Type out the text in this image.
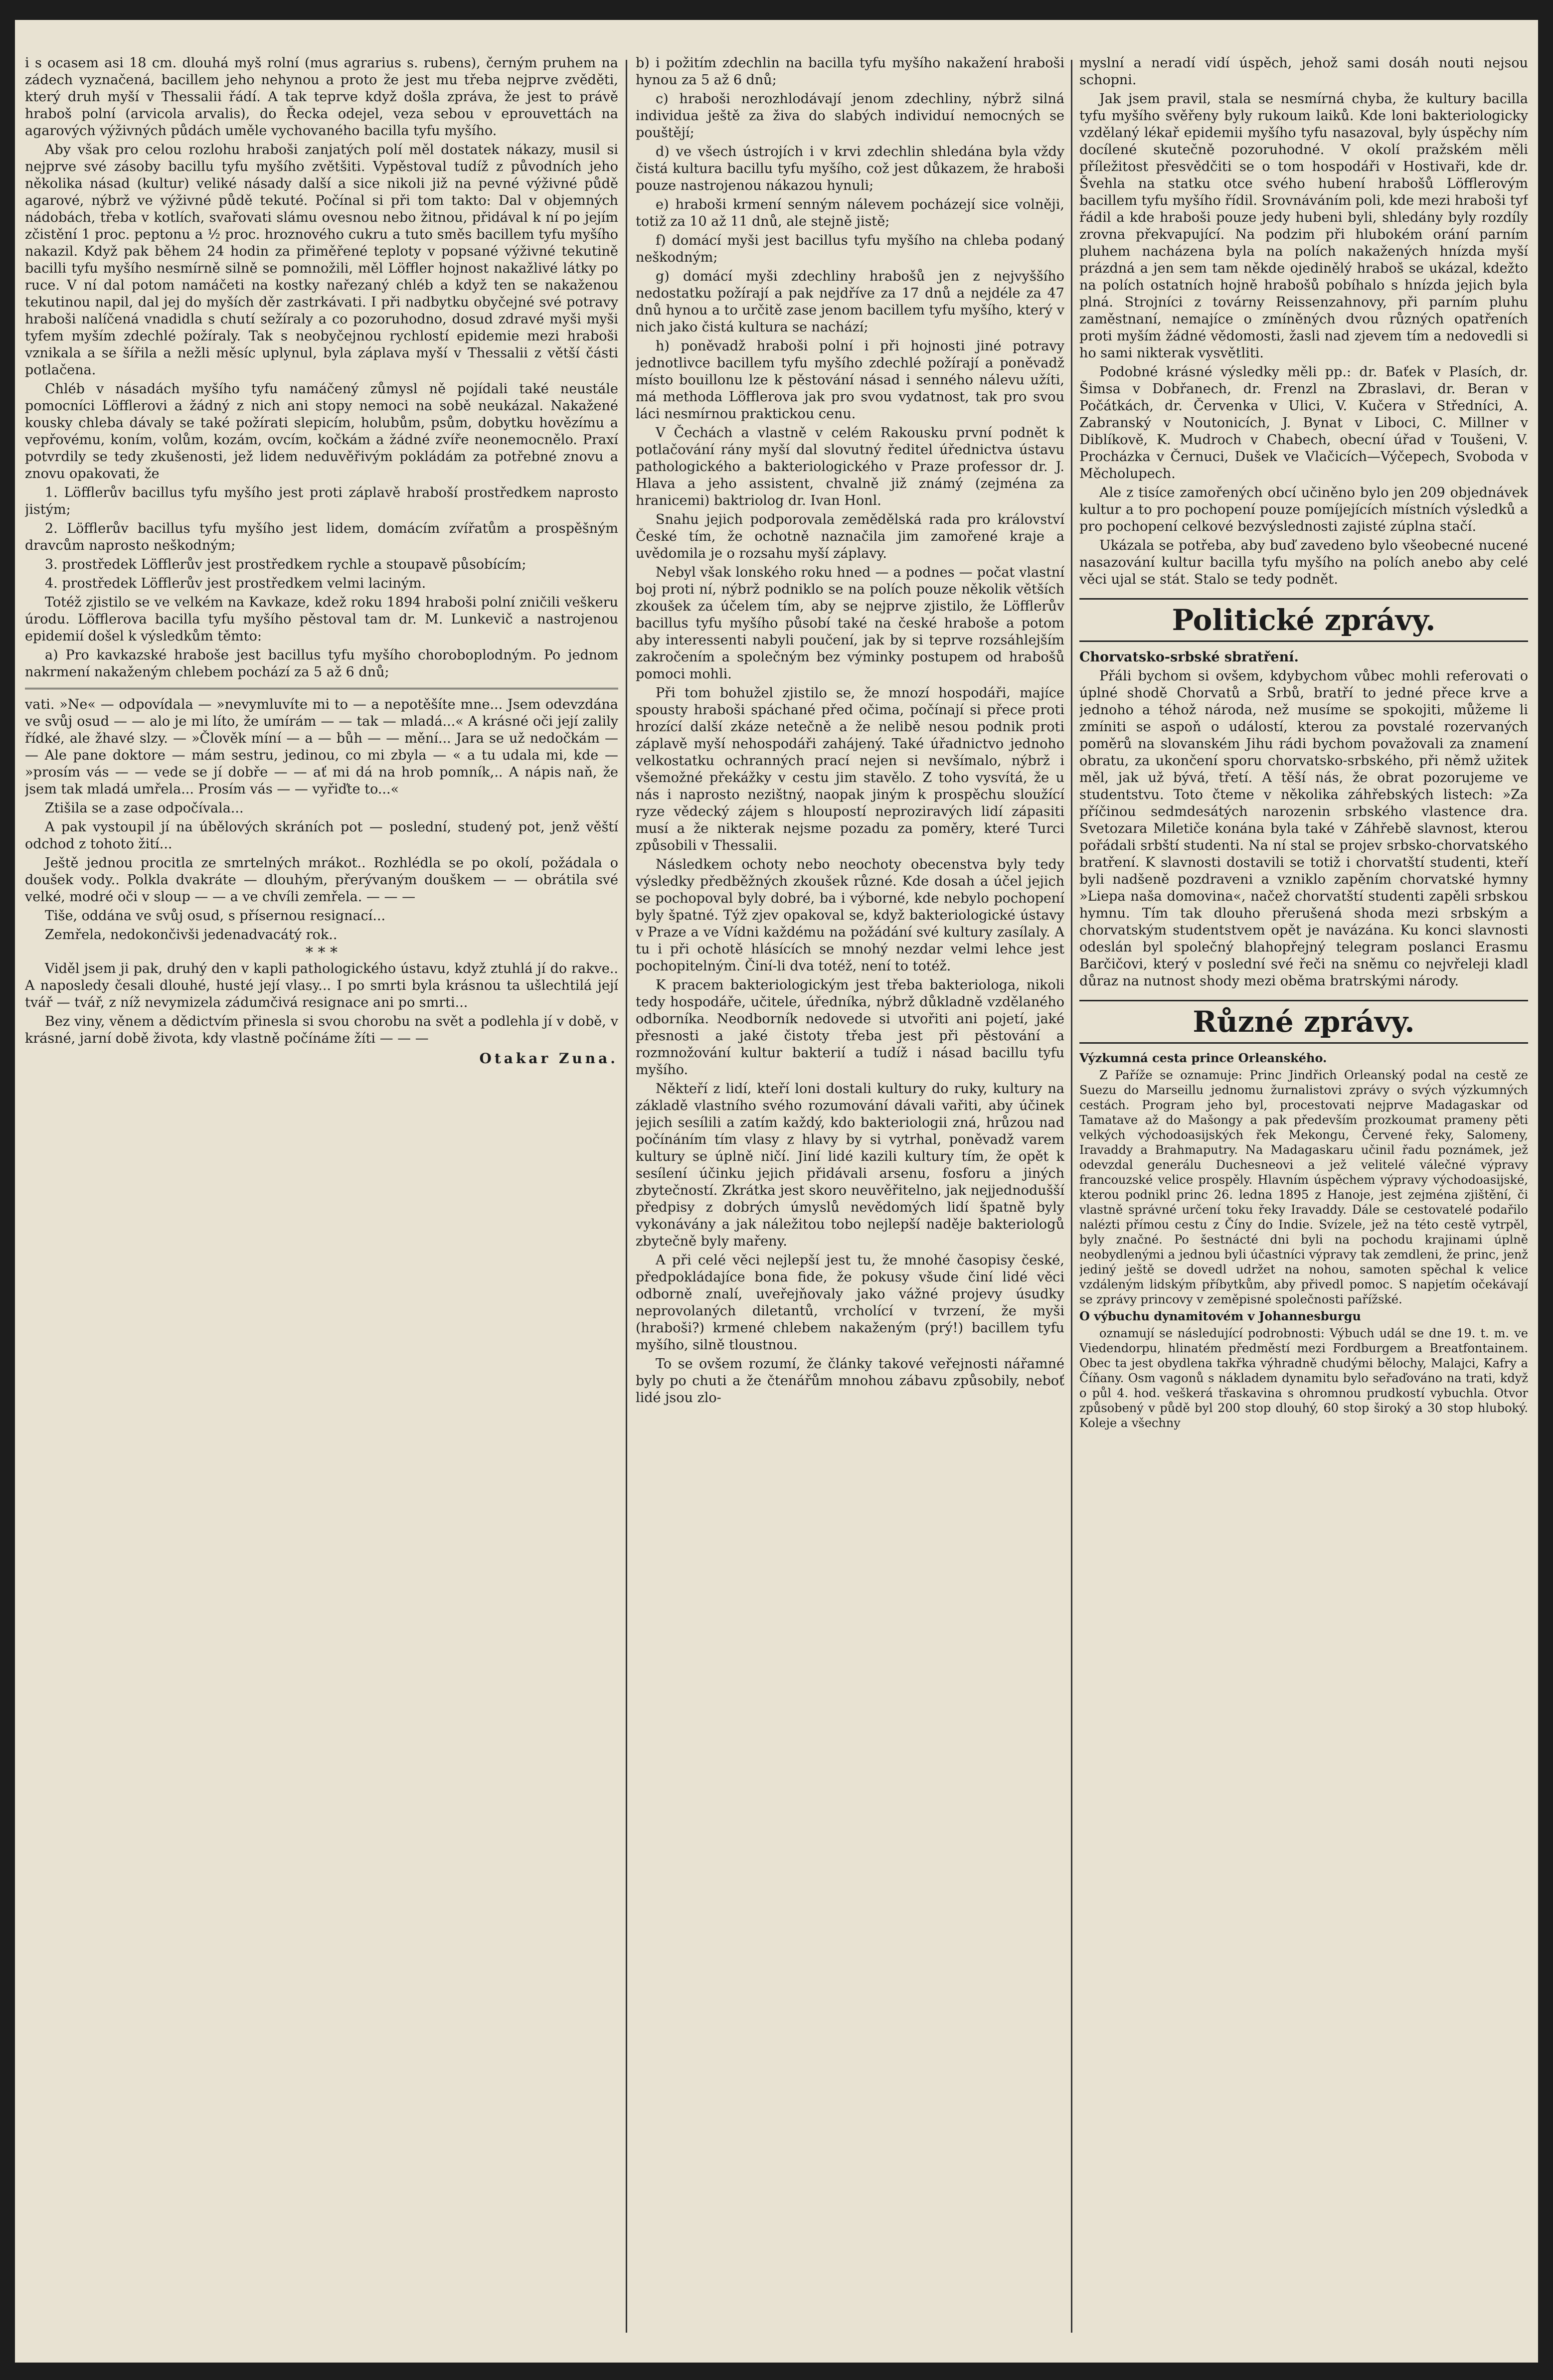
i s ocasem asi 18 cm. dlouhá myš rolní (mus agrarius s. rubens), černým pruhem na zádech vyznačená, bacillem jeho nehynou a proto že jest mu třeba nejprve zvěděti, který druh myší v Thessalii řádí. A tak teprve když došla zpráva, že jest to právě hraboš polní (arvicola arvalis), do Řecka odejel, veza sebou v eprouvettách na agarových výživných půdách uměle vychovaného bacilla tyfu myšího.

Aby však pro celou rozlohu hraboši zanjatých polí měl dostatek nákazy, musil si nejprve své zásoby bacillu tyfu myšího zvětšiti. Vypěstoval tudíž z původních jeho několika násad (kultur) veliké násady další a sice nikoli již na pevné výživné půdě agarové, nýbrž ve výživné půdě tekuté. Počínal si při tom takto: Dal v objemných nádobách, třeba v kotlích, svařovati slámu ovesnou nebo žitnou, přidával k ní po jejím zčistění 1 proc. peptonu a ½ proc. hroznového cukru a tuto směs bacillem tyfu myšího nakazil. Když pak během 24 hodin za přiměřené teploty v popsané výživné tekutině bacilli tyfu myšího nesmírně silně se pomnožili, měl Löffler hojnost nakažlivé látky po ruce. V ní dal potom namáčeti na kostky nařezaný chléb a když ten se nakaženou tekutinou napil, dal jej do myších děr zastrkávati. I při nadbytku obyčejné své potravy hraboši nalíčená vnadidla s chutí sežíraly a co pozoruhodno, dosud zdravé myši myši tyfem myším zdechlé požíraly. Tak s neobyčejnou rychlostí epidemie mezi hraboši vznikala a se šířila a nežli měsíc uplynul, byla záplava myší v Thessalii z větší části potlačena.

Chléb v násadách myšího tyfu namáčený zůmysl ně pojídali také neustále pomocníci Löfflerovi a žádný z nich ani stopy nemoci na sobě neukázal. Nakažené kousky chleba dávaly se také požírati slepicím, holubům, psům, dobytku hovězímu a vepřovému, koním, volům, kozám, ovcím, kočkám a žádné zvíře neonemocnělo. Praxí potvrdily se tedy zkušenosti, jež lidem neduvěřivým pokládám za potřebné znovu a znovu opakovati, že

1. Löfflerův bacillus tyfu myšího jest proti záplavě hraboší prostředkem naprosto jistým;

2. Löfflerův bacillus tyfu myšího jest lidem, domácím zvířatům a prospěšným dravcům naprosto neškodným;

3. prostředek Löfflerův jest prostředkem rychle a stoupavě působícím;

4. prostředek Löfflerův jest prostředkem velmi laciným.

Totéž zjistilo se ve velkém na Kavkaze, kdež roku 1894 hraboši polní zničili veškeru úrodu. Löfflerova bacilla tyfu myšího pěstoval tam dr. M. Lunkevič a nastrojenou epidemií došel k výsledkům těmto:

a) Pro kavkazské hraboše jest bacillus tyfu myšího choroboplodným. Po jednom nakrmení nakaženým chlebem pochází za 5 až 6 dnů;

vati. »Ne« — odpovídala — »nevymluvíte mi to — a nepotěšíte mne... Jsem odevzdána ve svůj osud — — alo je mi líto, že umírám — — tak — mladá...« A krásné oči její zalily řídké, ale žhavé slzy. — »Člověk míní — a — bůh — — mění... Jara se už nedočkám — — Ale pane doktore — mám sestru, jedinou, co mi zbyla — « a tu udala mi, kde — »prosím vás — — vede se jí dobře — — ať mi dá na hrob pomník,.. A nápis naň, že jsem tak mladá umřela... Prosím vás — — vyřiďte to...«

Ztišila se a zase odpočívala...

A pak vystoupil jí na úbělových skráních pot — poslední, studený pot, jenž věští odchod z tohoto žití...

Ještě jednou procitla ze smrtelných mrákot.. Rozhlédla se po okolí, požádala o doušek vody.. Polkla dvakráte — dlouhým, přerývaným douškem — — obrátila své velké, modré oči v sloup — — a ve chvíli zemřela. — — —

Tiše, oddána ve svůj osud, s přísernou resignací...

Zemřela, nedokončivši jedenadvacátý rok..

* * *

Viděl jsem ji pak, druhý den v kapli pathologického ústavu, když ztuhlá jí do rakve.. A naposledy česali dlouhé, husté její vlasy... I po smrti byla krásnou ta ušlechtilá její tvář — tvář, z níž nevymizela zádumčivá resignace ani po smrti...

Bez viny, věnem a dědictvím přinesla si svou chorobu na svět a podlehla jí v době, v krásné, jarní době života, kdy vlastně počínáme žíti — — —

Otakar Zuna.

b) i požitím zdechlin na bacilla tyfu myšího nakažení hraboši hynou za 5 až 6 dnů;

c) hraboši nerozhlodávají jenom zdechliny, nýbrž silná individua ještě za živa do slabých individuí nemocných se pouštějí;

d) ve všech ústrojích i v krvi zdechlin shledána byla vždy čistá kultura bacillu tyfu myšího, což jest důkazem, že hraboši pouze nastrojenou nákazou hynuli;

e) hraboši krmení senným nálevem pocházejí sice volněji, totiž za 10 až 11 dnů, ale stejně jistě;

f) domácí myši jest bacillus tyfu myšího na chleba podaný neškodným;

g) domácí myši zdechliny hrabošů jen z nejvyššího nedostatku požírají a pak nejdříve za 17 dnů a nejdéle za 47 dnů hynou a to určitě zase jenom bacillem tyfu myšího, který v nich jako čistá kultura se nachází;

h) poněvadž hraboši polní i při hojnosti jiné potravy jednotlivce bacillem tyfu myšího zdechlé požírají a poněvadž místo bouillonu lze k pěstování násad i senného nálevu užíti, má methoda Löfflerova jak pro svou vydatnost, tak pro svou láci nesmírnou praktickou cenu.

V Čechách a vlastně v celém Rakousku první podnět k potlačování rány myší dal slovutný ředitel úřednictva ústavu pathologického a bakteriologického v Praze professor dr. J. Hlava a jeho assistent, chvalně již známý (zejména za hranicemi) baktriolog dr. Ivan Honl.

Snahu jejich podporovala zemědělská rada pro království České tím, že ochotně naznačila jim zamořené kraje a uvědomila je o rozsahu myší záplavy.

Nebyl však lonského roku hned — a podnes — počat vlastní boj proti ní, nýbrž podniklo se na polích pouze několik větších zkoušek za účelem tím, aby se nejprve zjistilo, že Löfflerův bacillus tyfu myšího působí také na české hraboše a potom aby interessenti nabyli poučení, jak by si teprve rozsáhlejším zakročením a společným bez výminky postupem od hrabošů pomoci mohli.

Při tom bohužel zjistilo se, že mnozí hospodáři, majíce spousty hraboši spáchané před očima, počínají si přece proti hrozící další zkáze netečně a že nelibě nesou podnik proti záplavě myší nehospodáři zahájený. Také úřadnictvo jednoho velkostatku ochranných prací nejen si nevšímalo, nýbrž i všemožné překážky v cestu jim stavělo. Z toho vysvítá, že u nás i naprosto nezištný, naopak jiným k prospěchu sloužící ryze vědecký zájem s hloupostí neproziravých lidí zápasiti musí a že nikterak nejsme pozadu za poměry, které Turci způsobili v Thessalii.

Následkem ochoty nebo neochoty obecenstva byly tedy výsledky předběžných zkoušek různé. Kde dosah a účel jejich se pochopoval byly dobré, ba i výborné, kde nebylo pochopení byly špatné. Týž zjev opakoval se, když bakteriologické ústavy v Praze a ve Vídni každému na požádání své kultury zasílaly. A tu i při ochotě hlásících se mnohý nezdar velmi lehce jest pochopitelným. Činí-li dva totéž, není to totéž.

K pracem bakteriologickým jest třeba bakteriologa, nikoli tedy hospodáře, učitele, úředníka, nýbrž důkladně vzdělaného odborníka. Neodborník nedovede si utvořiti ani pojetí, jaké přesnosti a jaké čistoty třeba jest při pěstování a rozmnožování kultur bakterií a tudíž i násad bacillu tyfu myšího.

Někteří z lidí, kteří loni dostali kultury do ruky, kultury na základě vlastního svého rozumování dávali vařiti, aby účinek jejich sesílili a zatím každý, kdo bakteriologii zná, hrůzou nad počínáním tím vlasy z hlavy by si vytrhal, poněvadž varem kultury se úplně ničí. Jiní lidé kazili kultury tím, že opět k sesílení účinku jejich přidávali arsenu, fosforu a jiných zbytečností. Zkrátka jest skoro neuvěřitelno, jak nejjednodušší předpisy z dobrých úmyslů nevědomých lidí špatně byly vykonávány a jak náležitou tobo nejlepší naděje bakteriologů zbytečně byly mařeny.

A při celé věci nejlepší jest tu, že mnohé časopisy české, předpokládajíce bona fide, že pokusy všude činí lidé věci odborně znalí, uveřejňovaly jako vážné projevy úsudky neprovolaných diletantů, vrcholící v tvrzení, že myši (hraboši?) krmené chlebem nakaženým (prý!) bacillem tyfu myšího, silně tloustnou.

To se ovšem rozumí, že články takové veřejnosti nářamné byly po chuti a že čtenářům mnohou zábavu způsobily, neboť lidé jsou zlo-

myslní a neradí vidí úspěch, jehož sami dosáh nouti nejsou schopni.

Jak jsem pravil, stala se nesmírná chyba, že kultury bacilla tyfu myšího svěřeny byly rukoum laiků. Kde loni bakteriologicky vzdělaný lékař epidemii myšího tyfu nasazoval, byly úspěchy ním docílené skutečně pozoruhodné. V okolí pražském měli příležitost přesvědčiti se o tom hospodáři v Hostivaři, kde dr. Švehla na statku otce svého hubení hrabošů Löfflerovým bacillem tyfu myšího řídil. Srovnáváním poli, kde mezi hraboši tyf řádil a kde hraboši pouze jedy hubeni byli, shledány byly rozdíly zrovna překvapující. Na podzim při hlubokém orání parním pluhem nacházena byla na polích nakažených hnízda myší prázdná a jen sem tam někde ojedinělý hraboš se ukázal, kdežto na polích ostatních hojně hrabošů pobíhalo s hnízda jejich byla plná. Strojníci z továrny Reissenzahnovy, při parním pluhu zaměstnaní, nemajíce o zmíněných dvou různých opatřeních proti myším žádné vědomosti, žasli nad zjevem tím a nedovedli si ho sami nikterak vysvětliti.

Podobné krásné výsledky měli pp.: dr. Baťek v Plasích, dr. Šimsa v Dobřanech, dr. Frenzl na Zbraslavi, dr. Beran v Počátkách, dr. Červenka v Ulici, V. Kučera v Středníci, A. Zabranský v Noutonicích, J. Bynat v Liboci, C. Millner v Diblíkově, K. Mudroch v Chabech, obecní úřad v Toušeni, V. Procházka v Černuci, Dušek ve Vlačicích—Výčepech, Svoboda v Měcholupech.

Ale z tisíce zamořených obcí učiněno bylo jen 209 objednávek kultur a to pro pochopení pouze pomíjejících místních výsledků a pro pochopení celkové bezvýslednosti zajisté zúplna stačí.

Ukázala se potřeba, aby buď zavedeno bylo všeobecné nucené nasazování kultur bacilla tyfu myšího na polích anebo aby celé věci ujal se stát. Stalo se tedy podnět.

Politické zprávy.

Chorvatsko-srbské sbratření.

Přáli bychom si ovšem, kdybychom vůbec mohli referovati o úplné shodě Chorvatů a Srbů, bratří to jedné přece krve a jednoho a téhož národa, než musíme se spokojiti, můžeme li zmíniti se aspoň o událostí, kterou za povstalé rozervaných poměrů na slovanském Jihu rádi bychom považovali za znamení obratu, za ukončení sporu chorvatsko-srbského, při němž užitek měl, jak už bývá, třetí. A těší nás, že obrat pozorujeme ve studentstvu. Toto čteme v několika záhřebských listech: »Za příčinou sedmdesátých narozenin srbského vlastence dra. Svetozara Miletiče konána byla také v Záhřebě slavnost, kterou pořádali srbští studenti. Na ní stal se projev srbsko-chorvatského bratření. K slavnosti dostavili se totiž i chorvatští studenti, kteří byli nadšeně pozdraveni a vzniklo zapěním chorvatské hymny »Liepa naša domovina«, načež chorvatští studenti zapěli srbskou hymnu. Tím tak dlouho přerušená shoda mezi srbským a chorvatským studentstvem opět je navázána. Ku konci slavnosti odeslán byl společný blahopřejný telegram poslanci Erasmu Barčičovi, který v poslední své řeči na sněmu co nejvřeleji kladl důraz na nutnost shody mezi oběma bratrskými národy.

Různé zprávy.

Výzkumná cesta prince Orleanského.

Z Paříže se oznamuje: Princ Jindřich Orleanský podal na cestě ze Suezu do Marseillu jednomu žurnalistovi zprávy o svých výzkumných cestách. Program jeho byl, procestovati nejprve Madagaskar od Tamatave až do Mašongy a pak především prozkoumat prameny pěti velkých východoasijských řek Mekongu, Červené řeky, Salomeny, Iravaddy a Brahmaputry. Na Madagaskaru učinil řadu poznámek, jež odevzdal generálu Duchesneovi a jež velitelé válečné výpravy francouzské velice prospěly. Hlavním úspěchem výpravy východoasijské, kterou podnikl princ 26. ledna 1895 z Hanoje, jest zejména zjištění, či vlastně správné určení toku řeky Iravaddy. Dále se cestovatelé podařilo nalézti přímou cestu z Číny do Indie. Svízele, jež na této cestě vytrpěl, byly značné. Po šestnácté dni byli na pochodu krajinami úplně neobydlenými a jednou byli účastníci výpravy tak zemdleni, že princ, jenž jediný ještě se dovedl udržet na nohou, samoten spěchal k velice vzdáleným lidským příbytkům, aby přivedl pomoc. S napjetím očekávají se zprávy princovy v zeměpisné společnosti pařížské.

O výbuchu dynamitovém v Johannesburgu

oznamují se následující podrobnosti: Výbuch udál se dne 19. t. m. ve Viedendorpu, hlinatém předměstí mezi Fordburgem a Breatfontainem. Obec ta jest obydlena takřka výhradně chudými bělochy, Malajci, Kafry a Číňany. Osm vagonů s nákladem dynamitu bylo seřaďováno na trati, když o půl 4. hod. veškerá třaskavina s ohromnou prudkostí vybuchla. Otvor způsobený v půdě byl 200 stop dlouhý, 60 stop široký a 30 stop hluboký. Koleje a všechny
